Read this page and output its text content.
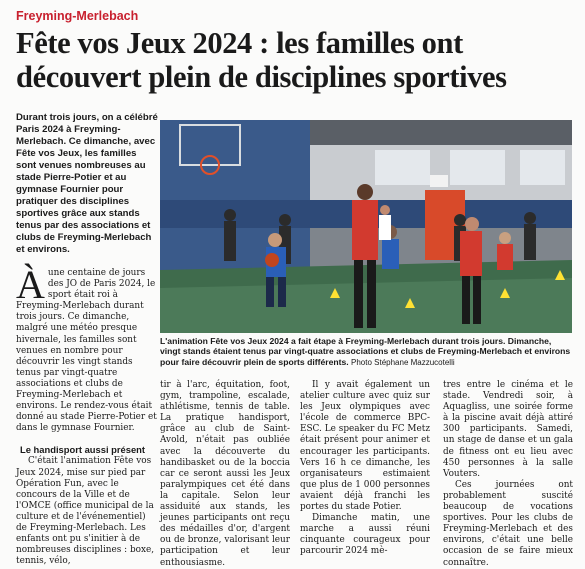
Freyming-Merlebach
Fête vos Jeux 2024 : les familles ont
découvert plein de disciplines sportives

Durant trois jours, on a célébré Paris 2024 à Freyming-Merlebach. Ce dimanche, avec Fête vos Jeux, les familles sont venues nombreuses au stade Pierre-Potier et au gymnase Fournier pour pratiquer des disciplines sportives grâce aux stands tenus par des associations et clubs de Freyming-Merlebach et environs.

À une centaine de jours des JO de Paris 2024, le sport était roi à Freyming-Merlebach durant trois jours. Ce dimanche, malgré une météo presque hivernale, les familles sont venues en nombre pour découvrir les vingt stands tenus par vingt-quatre associations et clubs de Freyming-Merlebach et environs. Le rendez-vous était donné au stade Pierre-Potier et dans le gymnase Fournier.

Le handisport aussi présent

C'était l'animation Fête vos Jeux 2024, mise sur pied par Opération Fun, avec le concours de la Ville et de l'OMCE (office municipal de la culture et de l'événementiel) de Freyming-Merlebach. Les enfants ont pu s'initier à de nombreuses disciplines : boxe, tennis, vélo,

L'animation Fête vos Jeux 2024 a fait étape à Freyming-Merlebach durant trois jours. Dimanche, vingt stands étaient tenus par vingt-quatre associations et clubs de Freyming-Merlebach et environs pour faire découvrir plein de sports différents. Photo Stéphane Mazzucotelli

tir à l'arc, équitation, foot, gym, trampoline, escalade, athlétisme, tennis de table. La pratique handisport, grâce au club de Saint-Avold, n'était pas oubliée avec la découverte du handibasket ou de la boccia car ce seront aussi les Jeux paralympiques cet été dans la capitale. Selon leur assiduité aux stands, les jeunes participants ont reçu des médailles d'or, d'argent ou de bronze, valorisant leur participation et leur enthousiasme.

Il y avait également un atelier culture avec quiz sur les Jeux olympiques avec l'école de commerce BPC-ESC. Le speaker du FC Metz était présent pour animer et encourager les participants. Vers 16 h ce dimanche, les organisateurs estimaient que plus de 1 000 personnes avaient déjà franchi les portes du stade Potier.

Dimanche matin, une marche a aussi réuni cinquante courageux pour parcourir 2024 mè-

tres entre le cinéma et le stade. Vendredi soir, à Aquagliss, une soirée forme à la piscine avait déjà attiré 300 participants. Samedi, un stage de danse et un gala de fitness ont eu lieu avec 450 personnes à la salle Vouters.

Ces journées ont probablement suscité beaucoup de vocations sportives. Pour les clubs de Freyming-Merlebach et des environs, c'était une belle occasion de se faire mieux connaître.
